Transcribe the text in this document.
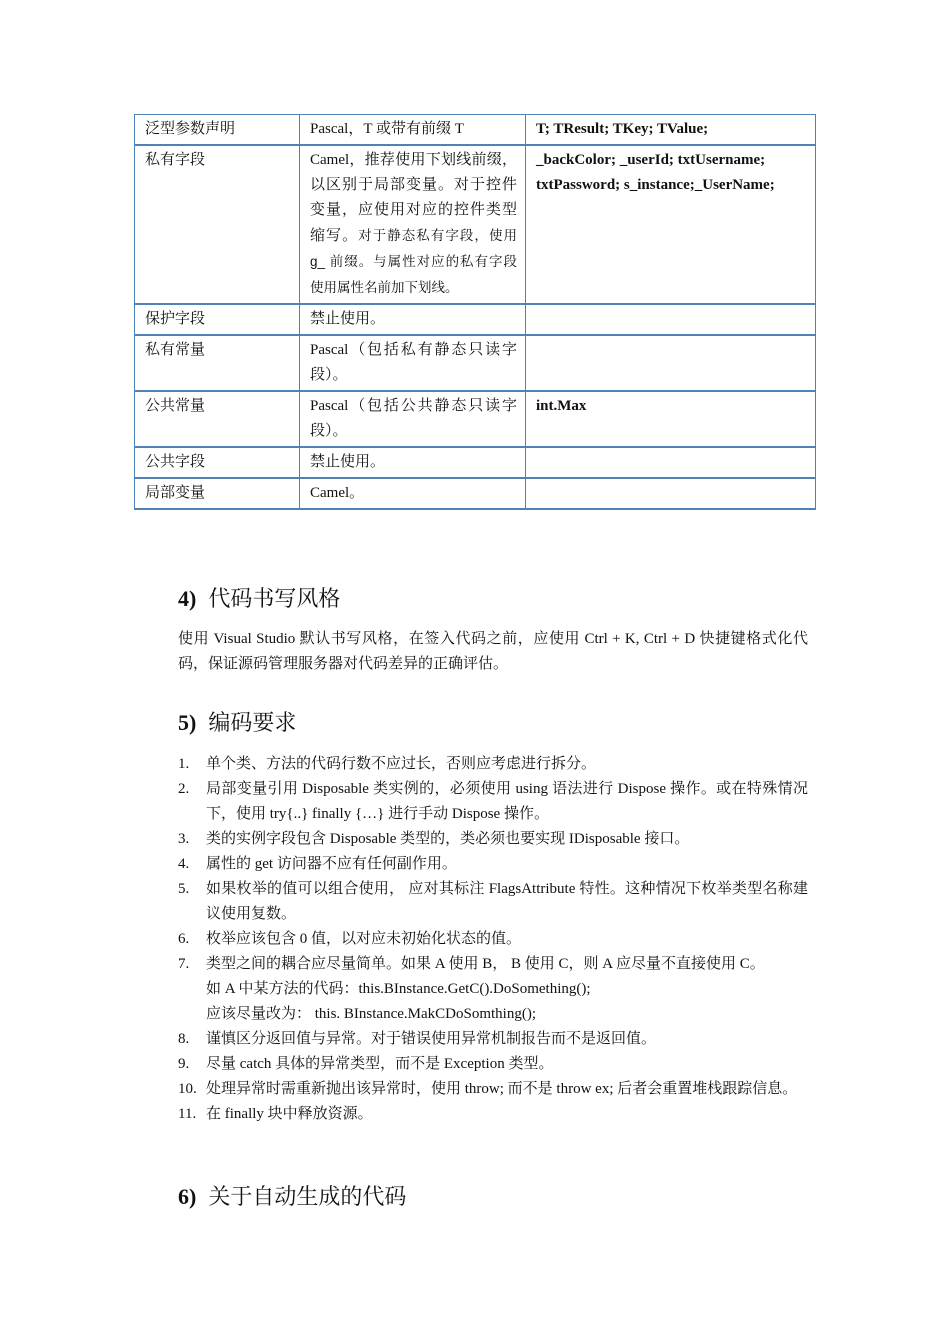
泛型参数声明	Pascal，T 或带有前缀 T	T; TResult; TKey; TValue;
私有字段	Camel，推荐使用下划线前缀，以区别于局部变量。对于控件变量，应使用对应的控件类型缩写。对于静态私有字段，使用 g_ 前缀。与属性对应的私有字段使用属性名前加下划线。	_backColor; _userId; txtUsername; txtPassword; s_instance;_UserName;
保护字段	禁止使用。	
私有常量	Pascal（包括私有静态只读字段）。	
公共常量	Pascal（包括公共静态只读字段）。	int.Max
公共字段	禁止使用。	
局部变量	Camel。	
4) 代码书写风格

使用 Visual Studio 默认书写风格，在签入代码之前，应使用 Ctrl + K, Ctrl + D 快捷键格式化代码，保证源码管理服务器对代码差异的正确评估。

5) 编码要求
1. 单个类、方法的代码行数不应过长，否则应考虑进行拆分。
2. 局部变量引用 Disposable 类实例的，必须使用 using 语法进行 Dispose 操作。或在特殊情况下，使用 try{..} finally {…} 进行手动 Dispose 操作。
3. 类的实例字段包含 Disposable 类型的，类必须也要实现 IDisposable 接口。
4. 属性的 get 访问器不应有任何副作用。
5. 如果枚举的值可以组合使用， 应对其标注 FlagsAttribute 特性。这种情况下枚举类型名称建议使用复数。
6. 枚举应该包含 0 值，以对应未初始化状态的值。
7. 类型之间的耦合应尽量简单。如果 A 使用 B， B 使用 C，则 A 应尽量不直接使用 C。
如 A 中某方法的代码：this.BInstance.GetC().DoSomething();
应该尽量改为： this. BInstance.MakCDoSomthing();
8. 谨慎区分返回值与异常。对于错误使用异常机制报告而不是返回值。
9. 尽量 catch 具体的异常类型，而不是 Exception 类型。
10. 处理异常时需重新抛出该异常时，使用 throw; 而不是 throw ex; 后者会重置堆栈跟踪信息。
11. 在 finally 块中释放资源。
6) 关于自动生成的代码
